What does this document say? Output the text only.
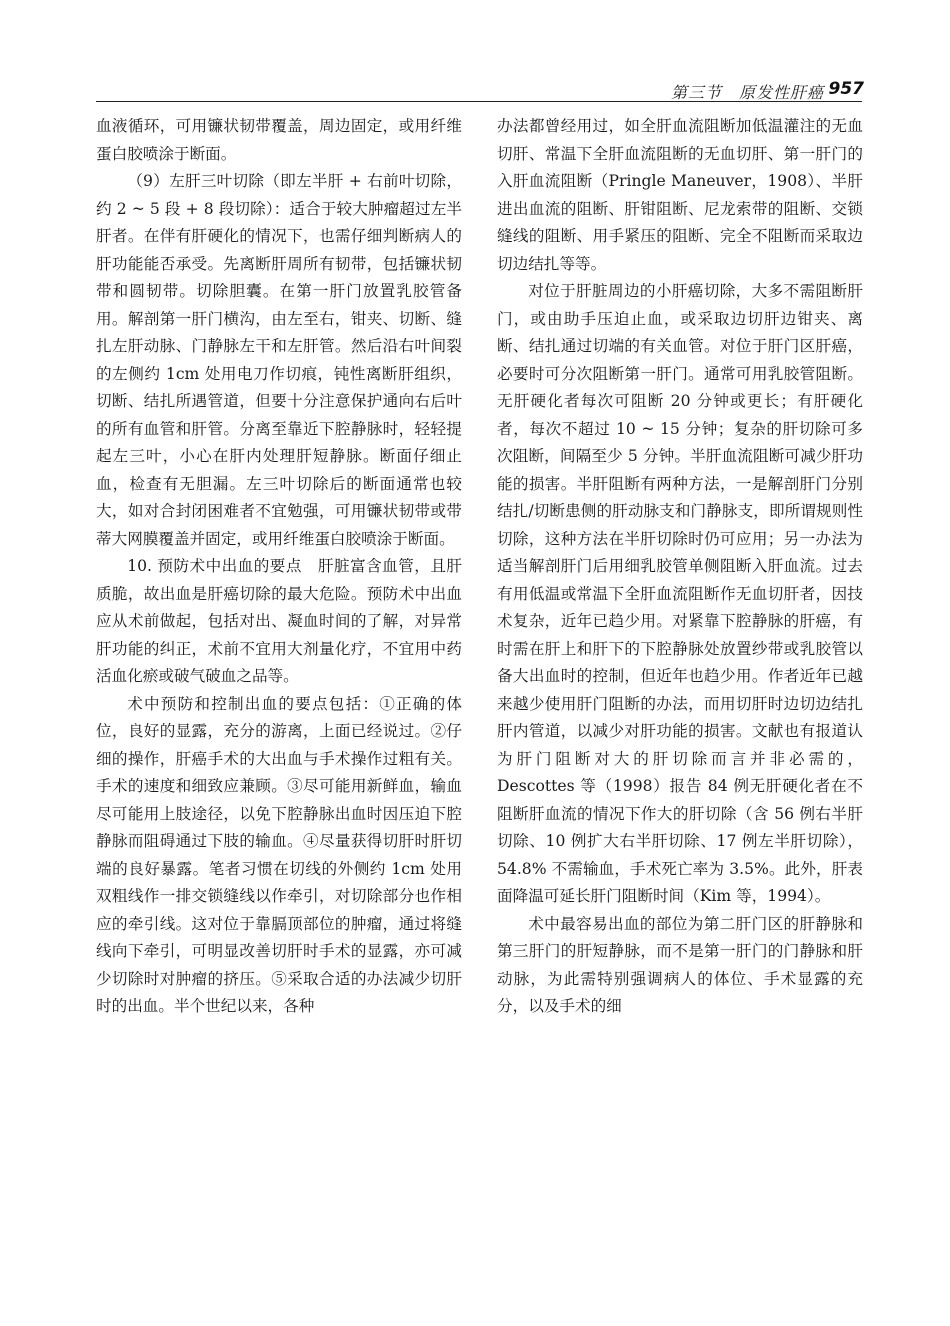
第三节　原发性肝癌 957

血液循环，可用镰状韧带覆盖，周边固定，或用纤维蛋白胶喷涂于断面。

（9）左肝三叶切除（即左半肝 + 右前叶切除，约 2 ~ 5 段 + 8 段切除）：适合于较大肿瘤超过左半肝者。在伴有肝硬化的情况下，也需仔细判断病人的肝功能能否承受。先离断肝周所有韧带，包括镰状韧带和圆韧带。切除胆囊。在第一肝门放置乳胶管备用。解剖第一肝门横沟，由左至右，钳夹、切断、缝扎左肝动脉、门静脉左干和左肝管。然后沿右叶间裂的左侧约 1cm 处用电刀作切痕，钝性离断肝组织，切断、结扎所遇管道，但要十分注意保护通向右后叶的所有血管和肝管。分离至靠近下腔静脉时，轻轻提起左三叶，小心在肝内处理肝短静脉。断面仔细止血，检查有无胆漏。左三叶切除后的断面通常也较大，如对合封闭困难者不宜勉强，可用镰状韧带或带蒂大网膜覆盖并固定，或用纤维蛋白胶喷涂于断面。

10. 预防术中出血的要点　肝脏富含血管，且肝质脆，故出血是肝癌切除的最大危险。预防术中出血应从术前做起，包括对出、凝血时间的了解，对异常肝功能的纠正，术前不宜用大剂量化疗，不宜用中药活血化瘀或破气破血之品等。

术中预防和控制出血的要点包括：①正确的体位，良好的显露，充分的游离，上面已经说过。②仔细的操作，肝癌手术的大出血与手术操作过粗有关。手术的速度和细致应兼顾。③尽可能用新鲜血，输血尽可能用上肢途径，以免下腔静脉出血时因压迫下腔静脉而阻碍通过下肢的输血。④尽量获得切肝时肝切端的良好暴露。笔者习惯在切线的外侧约 1cm 处用双粗线作一排交锁缝线以作牵引，对切除部分也作相应的牵引线。这对位于靠膈顶部位的肿瘤，通过将缝线向下牵引，可明显改善切肝时手术的显露，亦可减少切除时对肿瘤的挤压。⑤采取合适的办法减少切肝时的出血。半个世纪以来，各种

办法都曾经用过，如全肝血流阻断加低温灌注的无血切肝、常温下全肝血流阻断的无血切肝、第一肝门的入肝血流阻断（Pringle Maneuver，1908）、半肝进出血流的阻断、肝钳阻断、尼龙索带的阻断、交锁缝线的阻断、用手紧压的阻断、完全不阻断而采取边切边结扎等等。

对位于肝脏周边的小肝癌切除，大多不需阻断肝门，或由助手压迫止血，或采取边切肝边钳夹、离断、结扎通过切端的有关血管。对位于肝门区肝癌，必要时可分次阻断第一肝门。通常可用乳胶管阻断。无肝硬化者每次可阻断 20 分钟或更长；有肝硬化者，每次不超过 10 ~ 15 分钟；复杂的肝切除可多次阻断，间隔至少 5 分钟。半肝血流阻断可减少肝功能的损害。半肝阻断有两种方法，一是解剖肝门分别结扎/切断患侧的肝动脉支和门静脉支，即所谓规则性切除，这种方法在半肝切除时仍可应用；另一办法为适当解剖肝门后用细乳胶管单侧阻断入肝血流。过去有用低温或常温下全肝血流阻断作无血切肝者，因技术复杂，近年已趋少用。对紧靠下腔静脉的肝癌，有时需在肝上和肝下的下腔静脉处放置纱带或乳胶管以备大出血时的控制，但近年也趋少用。作者近年已越来越少使用肝门阻断的办法，而用切肝时边切边结扎肝内管道，以减少对肝功能的损害。文献也有报道认为肝门阻断对大的肝切除而言并非必需的，Descottes 等（1998）报告 84 例无肝硬化者在不阻断肝血流的情况下作大的肝切除（含 56 例右半肝切除、10 例扩大右半肝切除、17 例左半肝切除），54.8% 不需输血，手术死亡率为 3.5%。此外，肝表面降温可延长肝门阻断时间（Kim 等，1994）。

术中最容易出血的部位为第二肝门区的肝静脉和第三肝门的肝短静脉，而不是第一肝门的门静脉和肝动脉，为此需特别强调病人的体位、手术显露的充分，以及手术的细
